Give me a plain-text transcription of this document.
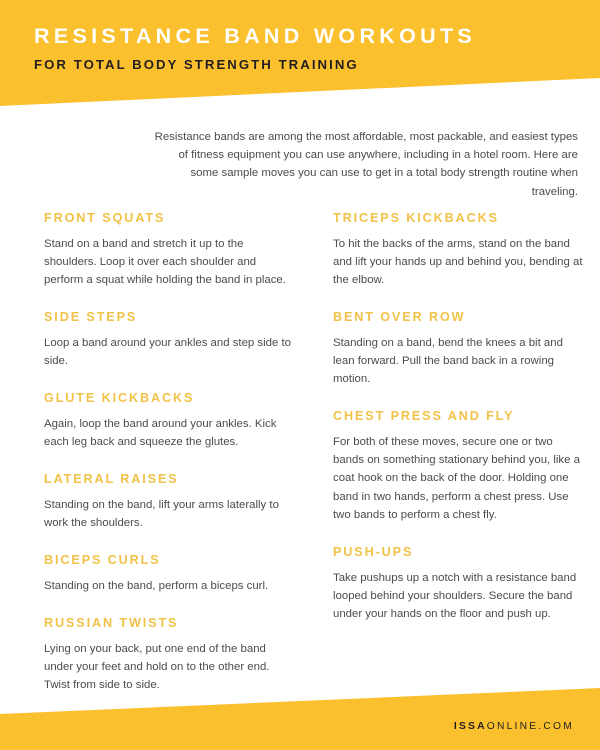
RESISTANCE BAND WORKOUTS
FOR TOTAL BODY STRENGTH TRAINING
Resistance bands are among the most affordable, most packable, and easiest types of fitness equipment you can use anywhere, including in a hotel room. Here are some sample moves you can use to get in a total body strength routine when traveling.
FRONT SQUATS
Stand on a band and stretch it up to the shoulders. Loop it over each shoulder and perform a squat while holding the band in place.
SIDE STEPS
Loop a band around your ankles and step side to side.
GLUTE KICKBACKS
Again, loop the band around your ankles. Kick each leg back and squeeze the glutes.
LATERAL RAISES
Standing on the band, lift your arms laterally to work the shoulders.
BICEPS CURLS
Standing on the band, perform a biceps curl.
RUSSIAN TWISTS
Lying on your back, put one end of the band under your feet and hold on to the other end. Twist from side to side.
TRICEPS KICKBACKS
To hit the backs of the arms, stand on the band and lift your hands up and behind you, bending at the elbow.
BENT OVER ROW
Standing on a band, bend the knees a bit and lean forward. Pull the band back in a rowing motion.
CHEST PRESS AND FLY
For both of these moves, secure one or two bands on something stationary behind you, like a coat hook on the back of the door. Holding one band in two hands, perform a chest press. Use two bands to perform a chest fly.
PUSH-UPS
Take pushups up a notch with a resistance band looped behind your shoulders. Secure the band under your hands on the floor and push up.
ISSAONLINE.COM
